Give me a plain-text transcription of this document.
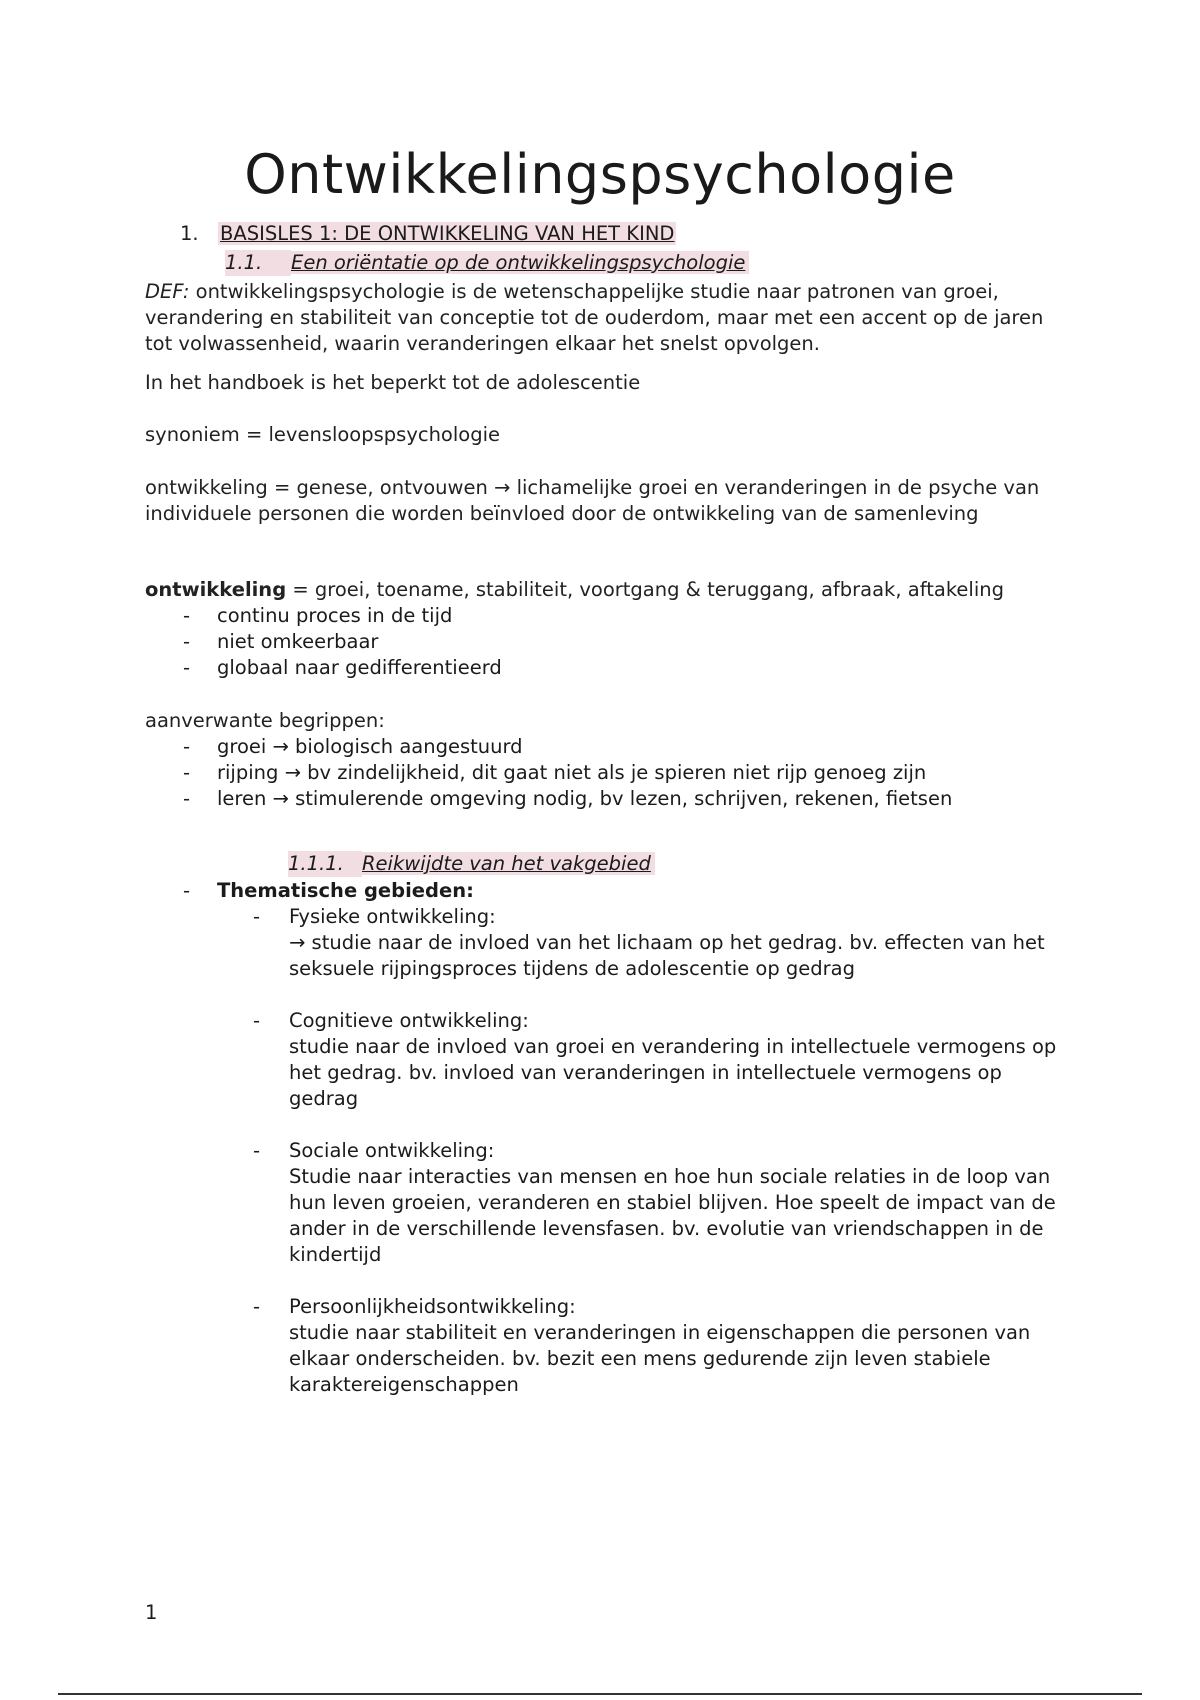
Ontwikkelingspsychologie
1. BASISLES 1: DE ONTWIKKELING VAN HET KIND
1.1. Een oriëntatie op de ontwikkelingspsychologie

DEF: ontwikkelingspsychologie is de wetenschappelijke studie naar patronen van groei, verandering en stabiliteit van conceptie tot de ouderdom, maar met een accent op de jaren tot volwassenheid, waarin veranderingen elkaar het snelst opvolgen.

In het handboek is het beperkt tot de adolescentie

synoniem = levensloopspsychologie

ontwikkeling = genese, ontvouwen → lichamelijke groei en veranderingen in de psyche van individuele personen die worden beïnvloed door de ontwikkeling van de samenleving

ontwikkeling = groei, toename, stabiliteit, voortgang & teruggang, afbraak, aftakeling

- continu proces in de tijd
- niet omkeerbaar
- globaal naar gedifferentieerd

aanverwante begrippen:

- groei → biologisch aangestuurd
- rijping → bv zindelijkheid, dit gaat niet als je spieren niet rijp genoeg zijn
- leren → stimulerende omgeving nodig, bv lezen, schrijven, rekenen, fietsen
1.1.1. Reikwijdte van het vakgebied
- Thematische gebieden:
- Fysieke ontwikkeling:
→ studie naar de invloed van het lichaam op het gedrag. bv. effecten van het seksuele rijpingsproces tijdens de adolescentie op gedrag
- Cognitieve ontwikkeling:
studie naar de invloed van groei en verandering in intellectuele vermogens op het gedrag. bv. invloed van veranderingen in intellectuele vermogens op gedrag
- Sociale ontwikkeling:
Studie naar interacties van mensen en hoe hun sociale relaties in de loop van hun leven groeien, veranderen en stabiel blijven. Hoe speelt de impact van de ander in de verschillende levensfasen. bv. evolutie van vriendschappen in de kindertijd
- Persoonlijkheidsontwikkeling:
studie naar stabiliteit en veranderingen in eigenschappen die personen van elkaar onderscheiden. bv. bezit een mens gedurende zijn leven stabiele karaktereigenschappen
1
